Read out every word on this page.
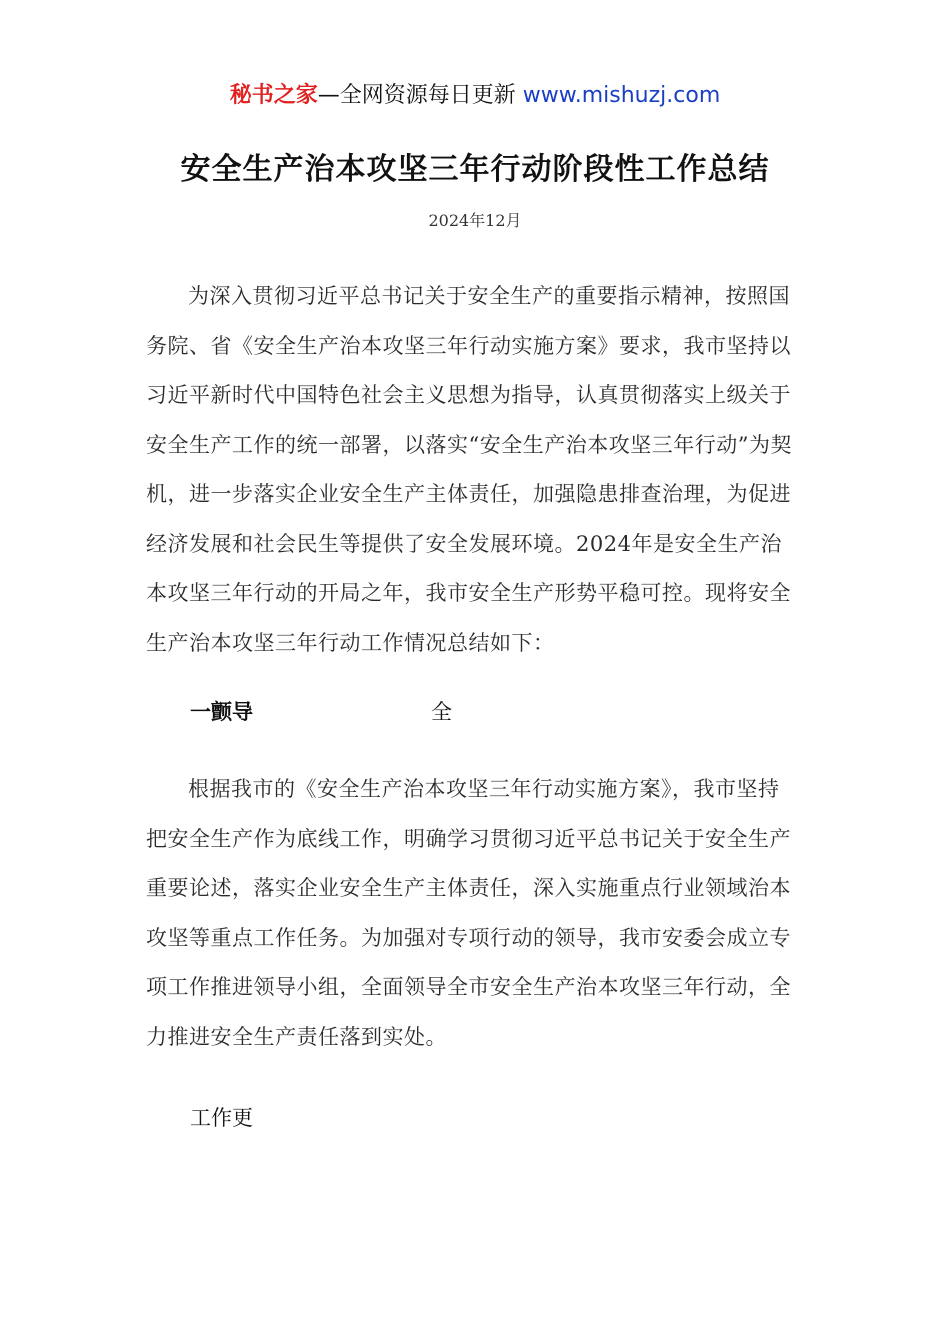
秘书之家—全网资源每日更新 www.mishuzj.com
安全生产治本攻坚三年行动阶段性工作总结
2024年12月

为深入贯彻习近平总书记关于安全生产的重要指示精神，按照国务院、省《安全生产治本攻坚三年行动实施方案》要求，我市坚持以习近平新时代中国特色社会主义思想为指导，认真贯彻落实上级关于安全生产工作的统一部署，以落实“安全生产治本攻坚三年行动”为契机，进一步落实企业安全生产主体责任，加强隐患排查治理，为促进经济发展和社会民生等提供了安全发展环境。2024年是安全生产治本攻坚三年行动的开局之年，我市安全生产形势平稳可控。现将安全生产治本攻坚三年行动工作情况总结如下：

一颤导	全

根据我市的《安全生产治本攻坚三年行动实施方案》，我市坚持把安全生产作为底线工作，明确学习贯彻习近平总书记关于安全生产重要论述，落实企业安全生产主体责任，深入实施重点行业领域治本攻坚等重点工作任务。为加强对专项行动的领导，我市安委会成立专项工作推进领导小组，全面领导全市安全生产治本攻坚三年行动，全力推进安全生产责任落到实处。

工作更
